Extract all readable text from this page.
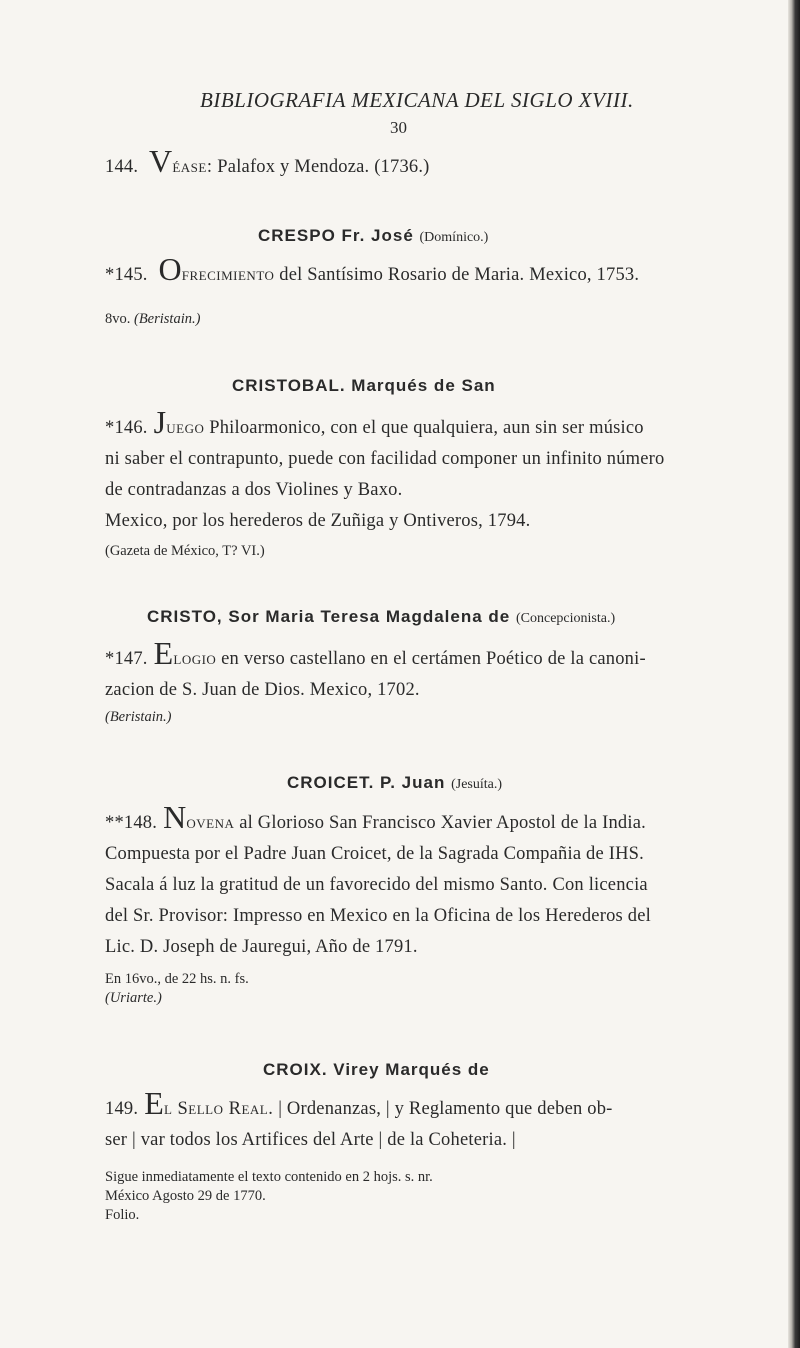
BIBLIOGRAFIA MEXICANA DEL SIGLO XVIII.
30
144. Véase: Palafox y Mendoza. (1736.)
CRESPO Fr. José (Domínico.)
*145. Ofrecimiento del Santísimo Rosario de Maria. Mexico, 1753.
8vo. (Beristain.)
CRISTOBAL. Marqués de San
*146. Juego Philoarmonico, con el que qualquiera, aun sin ser músico
ni saber el contrapunto, puede con facilidad componer un infinito número
de contradanzas a dos Violines y Baxo.
Mexico, por los herederos de Zuñiga y Ontiveros, 1794.
(Gazeta de México, T? VI.)
CRISTO, Sor Maria Teresa Magdalena de (Concepcionista.)
*147. Elogio en verso castellano en el certámen Poético de la canoni-
zacion de S. Juan de Dios. Mexico, 1702.
(Beristain.)
CROICET. P. Juan (Jesuíta.)
**148. Novena al Glorioso San Francisco Xavier Apostol de la India.
Compuesta por el Padre Juan Croicet, de la Sagrada Compañia de IHS.
Sacala á luz la gratitud de un favorecido del mismo Santo. Con licencia
del Sr. Provisor: Impresso en Mexico en la Oficina de los Herederos del
Lic. D. Joseph de Jauregui, Año de 1791.
En 16vo., de 22 hs. n. fs.
(Uriarte.)
CROIX. Virey Marqués de
149. El Sello Real. | Ordenanzas, | y Reglamento que deben ob-
ser | var todos los Artifices del Arte | de la Coheteria. |
Sigue inmediatamente el texto contenido en 2 hojs. s. nr.
México Agosto 29 de 1770.
Folio.
